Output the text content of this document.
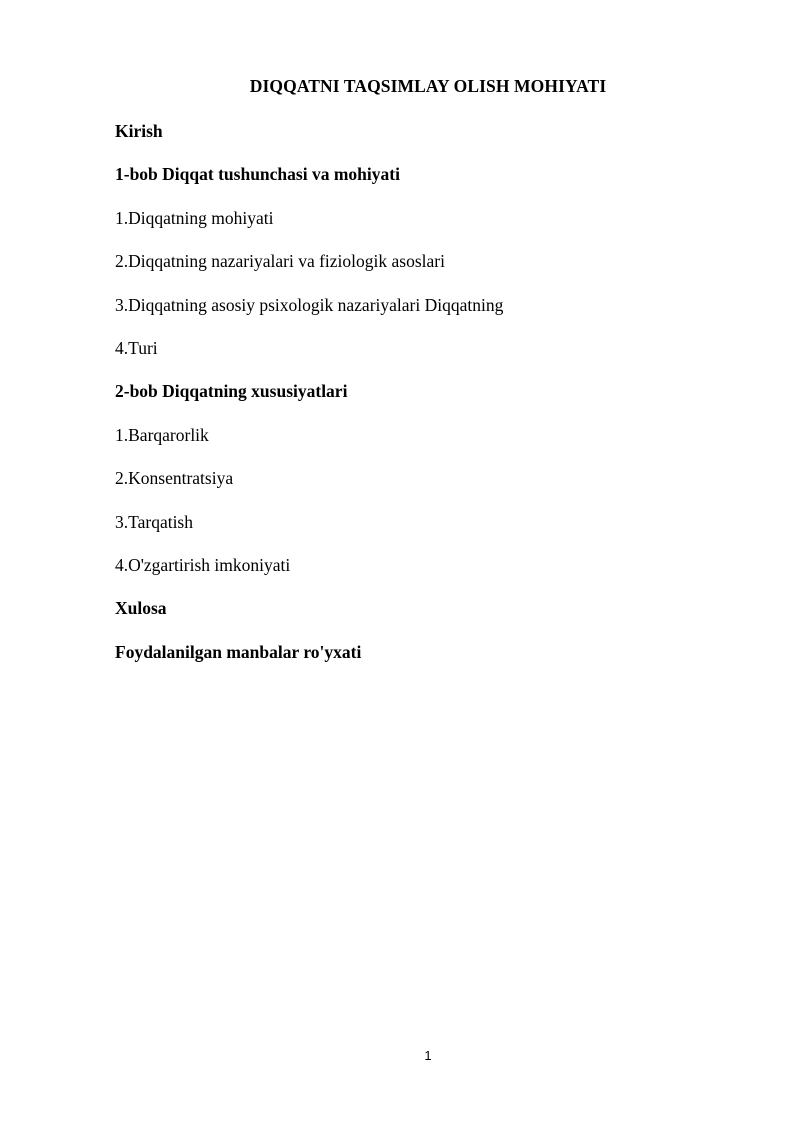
DIQQATNI TAQSIMLAY OLISH MOHIYATI
Kirish
1-bob Diqqat tushunchasi va mohiyati
1.Diqqatning mohiyati
2.Diqqatning nazariyalari va fiziologik asoslari
3.Diqqatning asosiy psixologik nazariyalari Diqqatning
4.Turi
2-bob Diqqatning xususiyatlari
1.Barqarorlik
2.Konsentratsiya
3.Tarqatish
4.O'zgartirish imkoniyati
Xulosa
Foydalanilgan manbalar ro'yxati
1
